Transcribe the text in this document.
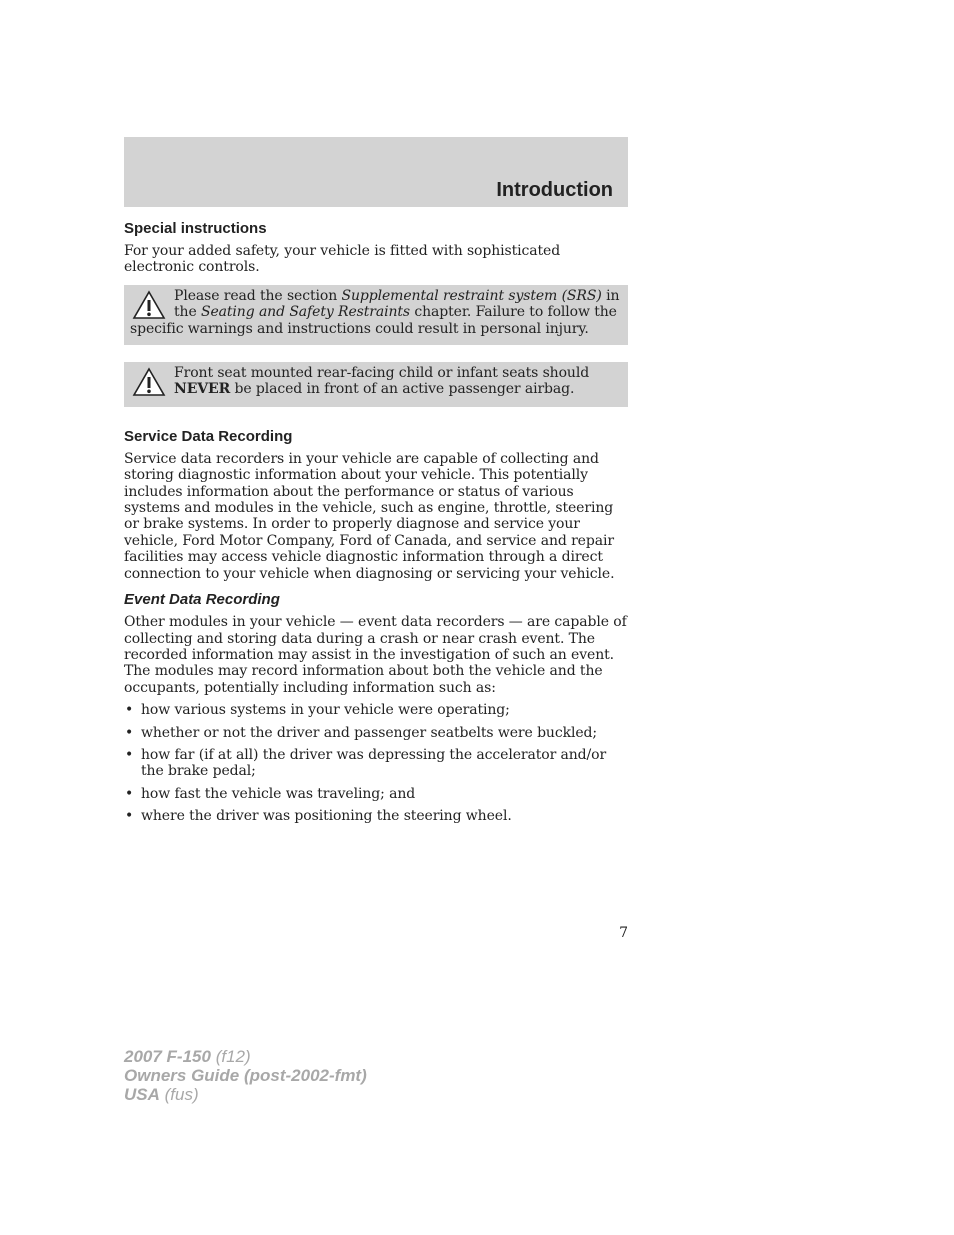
Introduction
Special instructions

For your added safety, your vehicle is fitted with sophisticated electronic controls.

Please read the section Supplemental restraint system (SRS) in the Seating and Safety Restraints chapter. Failure to follow the specific warnings and instructions could result in personal injury.
Front seat mounted rear-facing child or infant seats should NEVER be placed in front of an active passenger airbag.
Service Data Recording

Service data recorders in your vehicle are capable of collecting and storing diagnostic information about your vehicle. This potentially includes information about the performance or status of various systems and modules in the vehicle, such as engine, throttle, steering or brake systems. In order to properly diagnose and service your vehicle, Ford Motor Company, Ford of Canada, and service and repair facilities may access vehicle diagnostic information through a direct connection to your vehicle when diagnosing or servicing your vehicle.

Event Data Recording

Other modules in your vehicle — event data recorders — are capable of collecting and storing data during a crash or near crash event. The recorded information may assist in the investigation of such an event. The modules may record information about both the vehicle and the occupants, potentially including information such as:

• how various systems in your vehicle were operating;
• whether or not the driver and passenger seatbelts were buckled;
• how far (if at all) the driver was depressing the accelerator and/or the brake pedal;
• how fast the vehicle was traveling; and
• where the driver was positioning the steering wheel.
7
2007 F-150 (f12)
Owners Guide (post-2002-fmt)
USA (fus)
